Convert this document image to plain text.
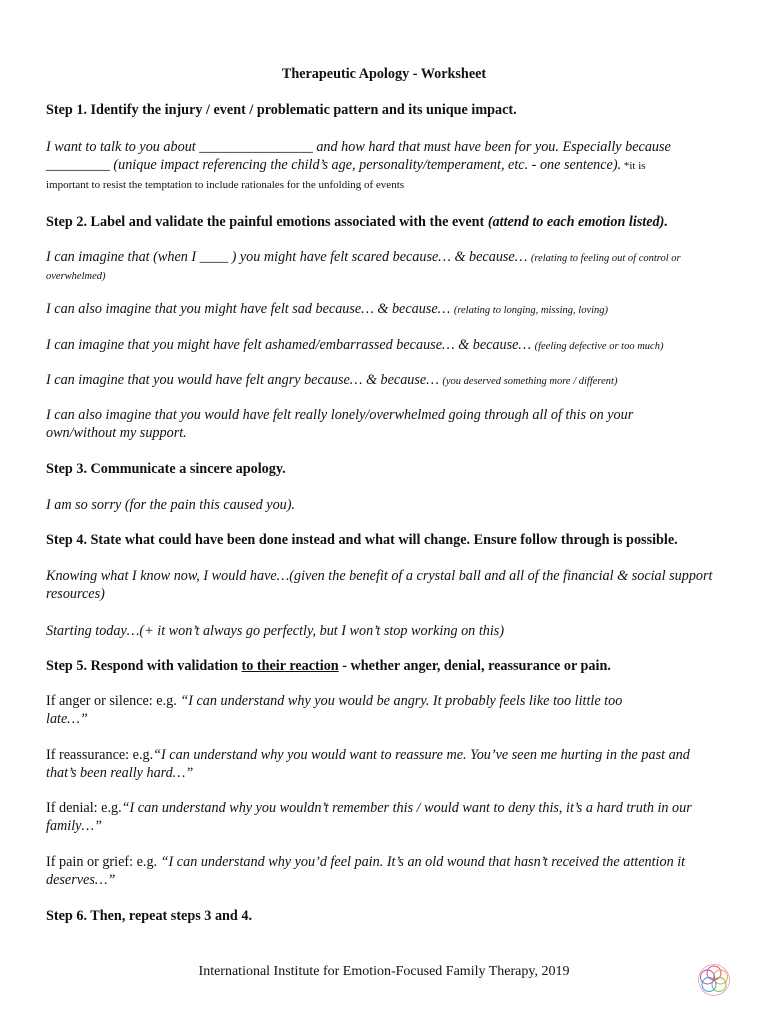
Therapeutic Apology - Worksheet
Step 1. Identify the injury / event / problematic pattern and its unique impact.
I want to talk to you about ________________ and how hard that must have been for you. Especially because
_________ (unique impact referencing the child’s age, personality/temperament, etc. - one sentence). *it is
important to resist the temptation to include rationales for the unfolding of events
Step 2. Label and validate the painful emotions associated with the event (attend to each emotion listed).
I can imagine that (when I ____ ) you might have felt scared because… & because… (relating to feeling out of control or overwhelmed)
I can also imagine that you might have felt sad because… & because… (relating to longing, missing, loving)
I can imagine that you might have felt ashamed/embarrassed because… & because… (feeling defective or too much)
I can imagine that you would have felt angry because… & because… (you deserved something more / different)
I can also imagine that you would have felt really lonely/overwhelmed going through all of this on your own/without my support.
Step 3. Communicate a sincere apology.
I am so sorry (for the pain this caused you).
Step 4. State what could have been done instead and what will change. Ensure follow through is possible.
Knowing what I know now, I would have…(given the benefit of a crystal ball and all of the financial & social support resources)
Starting today…(+ it won’t always go perfectly, but I won’t stop working on this)
Step 5. Respond with validation to their reaction - whether anger, denial, reassurance or pain.
If anger or silence: e.g. “I can understand why you would be angry. It probably feels like too little too late…”
If reassurance: e.g.“I can understand why you would want to reassure me. You’ve seen me hurting in the past and that’s been really hard…”
If denial: e.g.“I can understand why you wouldn’t remember this / would want to deny this, it’s a hard truth in our family…”
If pain or grief: e.g. “I can understand why you’d feel pain. It’s an old wound that hasn’t received the attention it deserves…”
Step 6. Then, repeat steps 3 and 4.
International Institute for Emotion-Focused Family Therapy, 2019
